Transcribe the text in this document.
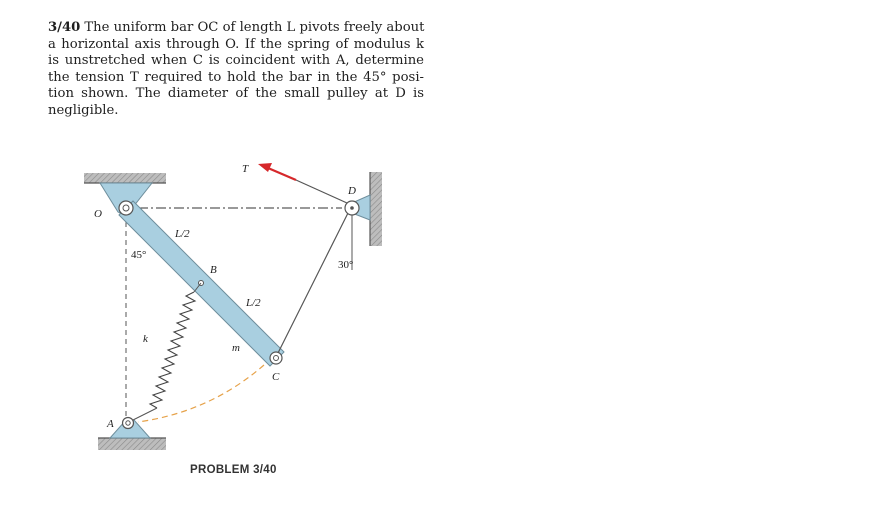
3/40 The uniform bar OC of length L pivots freely about
a horizontal axis through O. If the spring of modulus k
is unstretched when C is coincident with A, determine
the tension T required to hold the bar in the 45° posi-
tion shown. The diameter of the small pulley at D is
negligible.
O
T
D
L/2
45°
B	30°
L/2
k
m
C
A
PROBLEM 3/40
